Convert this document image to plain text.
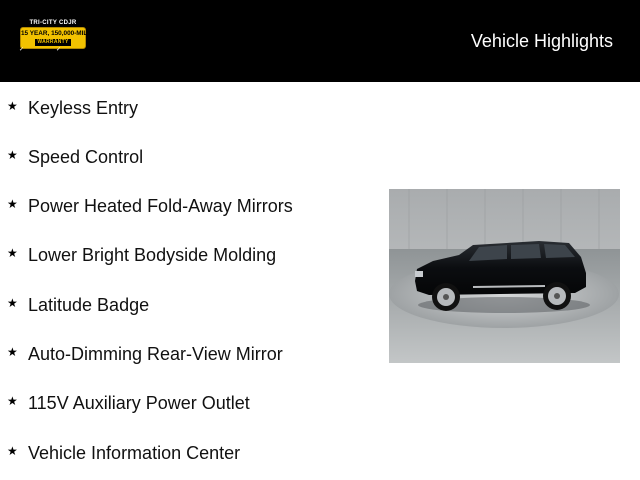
TRI-CITY CDJR
15 YEAR, 150,000-MILE
WARRANTY
✓	✓	Vehicle Highlights
★ Keyless Entry
★ Speed Control
★ Power Heated Fold-Away Mirrors
★ Lower Bright Bodyside Molding
★ Latitude Badge
★ Auto-Dimming Rear-View Mirror
★ 115V Auxiliary Power Outlet
★ Vehicle Information Center
